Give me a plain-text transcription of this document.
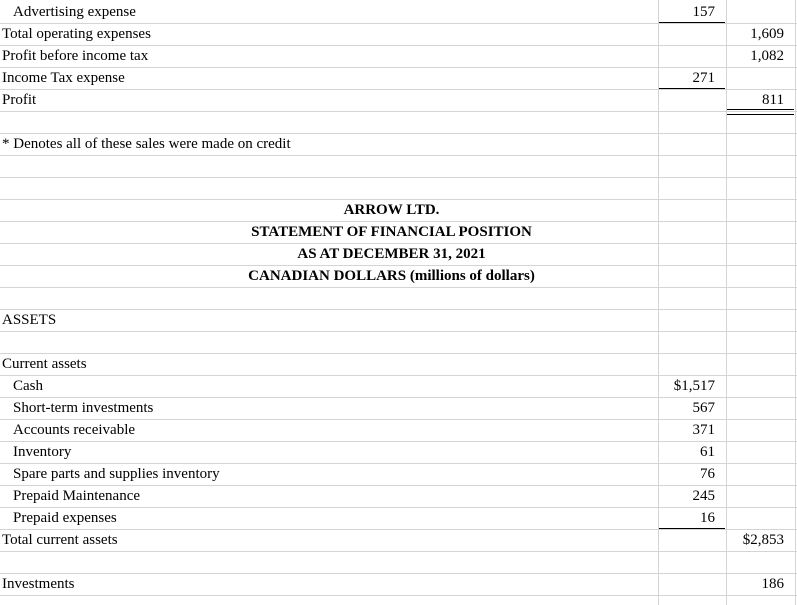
Advertising expense	157
Total operating expenses	1,609
Profit before income tax	1,082
Income Tax expense	271
Profit	811
* Denotes all of these sales were made on credit
ARROW LTD.
STATEMENT OF FINANCIAL POSITION
AS AT DECEMBER 31, 2021
CANADIAN DOLLARS (millions of dollars)
ASSETS
Current assets
Cash	$1,517
Short-term investments	567
Accounts receivable	371
Inventory	61
Spare parts and supplies inventory	76
Prepaid Maintenance	245
Prepaid expenses	16
Total current assets	$2,853
Investments	186
